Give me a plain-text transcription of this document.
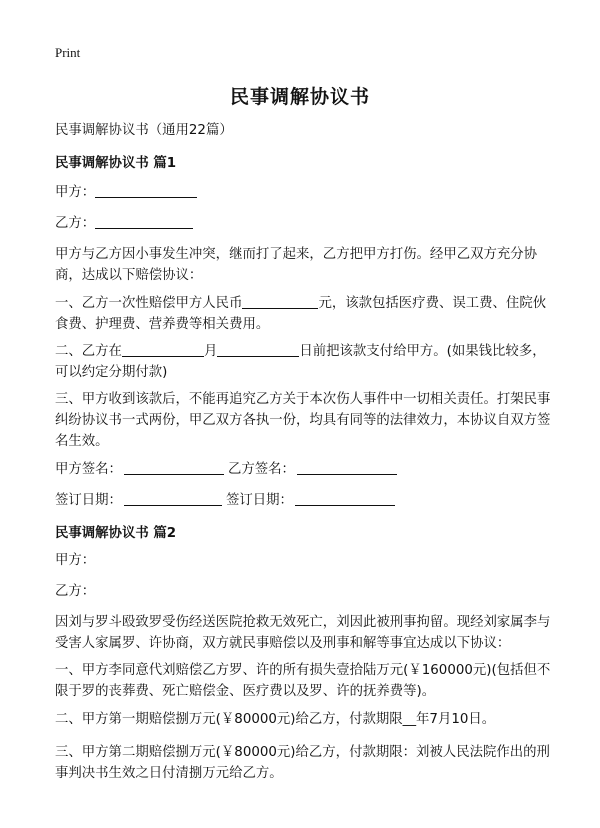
Print
民事调解协议书
民事调解协议书（通用22篇）
民事调解协议书 篇1
甲方：
乙方：
甲方与乙方因小事发生冲突，继而打了起来，乙方把甲方打伤。经甲乙双方充分协商，达成以下赔偿协议：
一、乙方一次性赔偿甲方人民币	元，该款包括医疗费、误工费、住院伙食费、护理费、营养费等相关费用。
二、乙方在	月	日前把该款支付给甲方。(如果钱比较多，可以约定分期付款)
三、甲方收到该款后，不能再追究乙方关于本次伤人事件中一切相关责任。打架民事纠纷协议书一式两份，甲乙双方各执一份，均具有同等的法律效力，本协议自双方签名生效。
甲方签名：	乙方签名：
签订日期：	签订日期：
民事调解协议书 篇2
甲方：
乙方：
因刘与罗斗殴致罗受伤经送医院抢救无效死亡，刘因此被刑事拘留。现经刘家属李与受害人家属罗、许协商，双方就民事赔偿以及刑事和解等事宜达成以下协议：
一、甲方李同意代刘赔偿乙方罗、许的所有损失壹拾陆万元(￥160000元)(包括但不限于罗的丧葬费、死亡赔偿金、医疗费以及罗、许的抚养费等)。
二、甲方第一期赔偿捌万元(￥80000元)给乙方，付款期限__年7月10日。
三、甲方第二期赔偿捌万元(￥80000元)给乙方，付款期限：刘被人民法院作出的刑事判决书生效之日付清捌万元给乙方。
